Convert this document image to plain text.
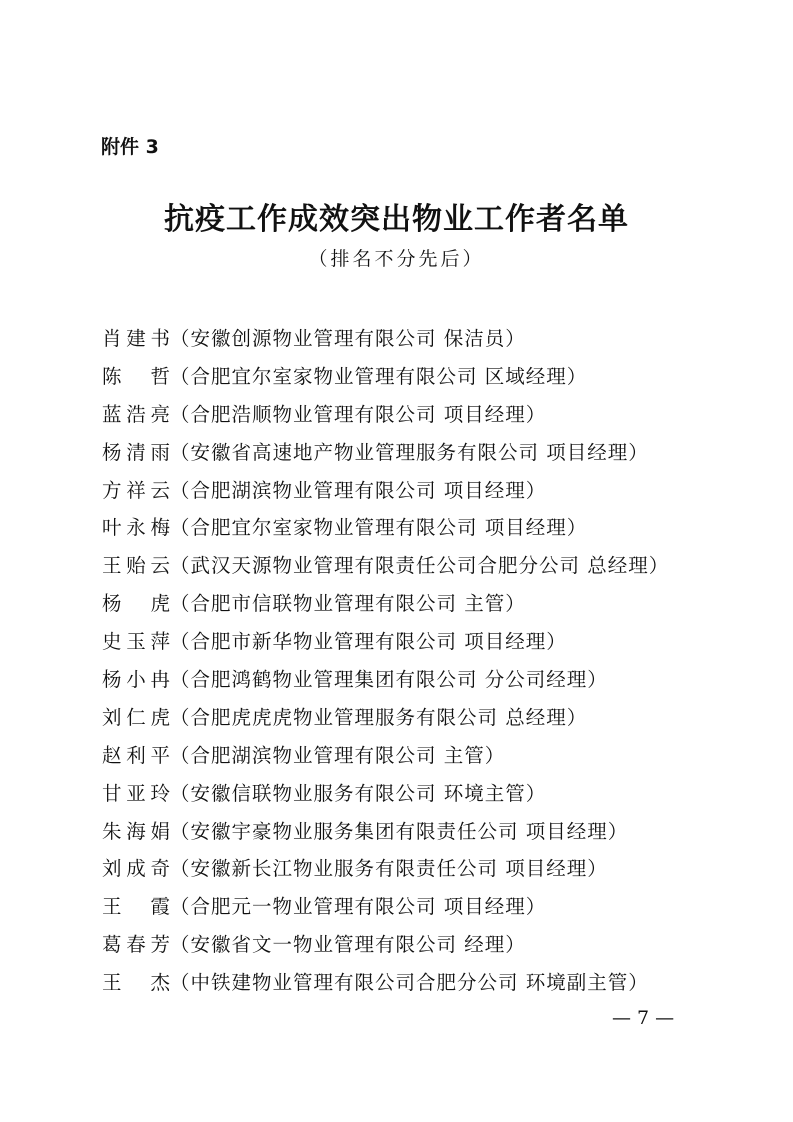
附件 3
抗疫工作成效突出物业工作者名单
（排名不分先后）
肖建书（安徽创源物业管理有限公司 保洁员）
陈　哲（合肥宜尔室家物业管理有限公司 区域经理）
蓝浩亮（合肥浩顺物业管理有限公司 项目经理）
杨清雨（安徽省高速地产物业管理服务有限公司 项目经理）
方祥云（合肥湖滨物业管理有限公司 项目经理）
叶永梅（合肥宜尔室家物业管理有限公司 项目经理）
王贻云（武汉天源物业管理有限责任公司合肥分公司 总经理）
杨　虎（合肥市信联物业管理有限公司 主管）
史玉萍（合肥市新华物业管理有限公司 项目经理）
杨小冉（合肥鸿鹤物业管理集团有限公司 分公司经理）
刘仁虎（合肥虎虎虎物业管理服务有限公司 总经理）
赵利平（合肥湖滨物业管理有限公司 主管）
甘亚玲（安徽信联物业服务有限公司 环境主管）
朱海娟（安徽宇豪物业服务集团有限责任公司 项目经理）
刘成奇（安徽新长江物业服务有限责任公司 项目经理）
王　霞（合肥元一物业管理有限公司 项目经理）
葛春芳（安徽省文一物业管理有限公司 经理）
王　杰（中铁建物业管理有限公司合肥分公司 环境副主管）
— 7 —
